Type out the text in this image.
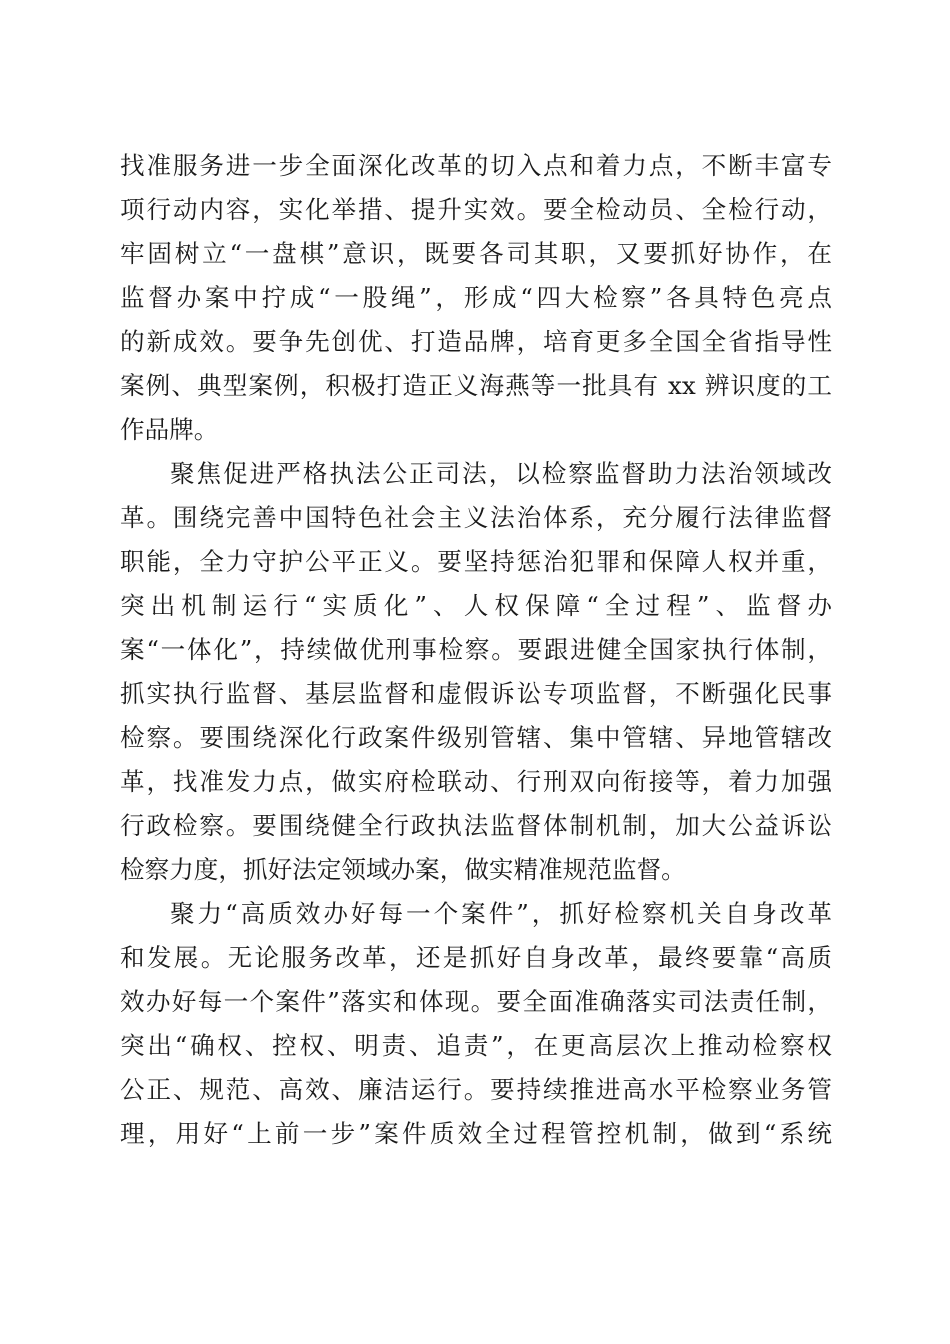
找准服务进一步全面深化改革的切入点和着力点，不断丰富专
项行动内容，实化举措、提升实效。要全检动员、全检行动，
牢固树立“一盘棋”意识，既要各司其职，又要抓好协作，在
监督办案中拧成“一股绳”，形成“四大检察”各具特色亮点
的新成效。要争先创优、打造品牌，培育更多全国全省指导性
案例、典型案例，积极打造正义海燕等一批具有 xx 辨识度的工
作品牌。
聚焦促进严格执法公正司法，以检察监督助力法治领域改
革。围绕完善中国特色社会主义法治体系，充分履行法律监督
职能，全力守护公平正义。要坚持惩治犯罪和保障人权并重，
突出机制运行“实质化”、人权保障“全过程”、监督办
案“一体化”，持续做优刑事检察。要跟进健全国家执行体制，
抓实执行监督、基层监督和虚假诉讼专项监督，不断强化民事
检察。要围绕深化行政案件级别管辖、集中管辖、异地管辖改
革，找准发力点，做实府检联动、行刑双向衔接等，着力加强
行政检察。要围绕健全行政执法监督体制机制，加大公益诉讼
检察力度，抓好法定领域办案，做实精准规范监督。
聚力“高质效办好每一个案件”，抓好检察机关自身改革
和发展。无论服务改革，还是抓好自身改革，最终要靠“高质
效办好每一个案件”落实和体现。要全面准确落实司法责任制，
突出“确权、控权、明责、追责”，在更高层次上推动检察权
公正、规范、高效、廉洁运行。要持续推进高水平检察业务管
理，用好“上前一步”案件质效全过程管控机制，做到“系统
